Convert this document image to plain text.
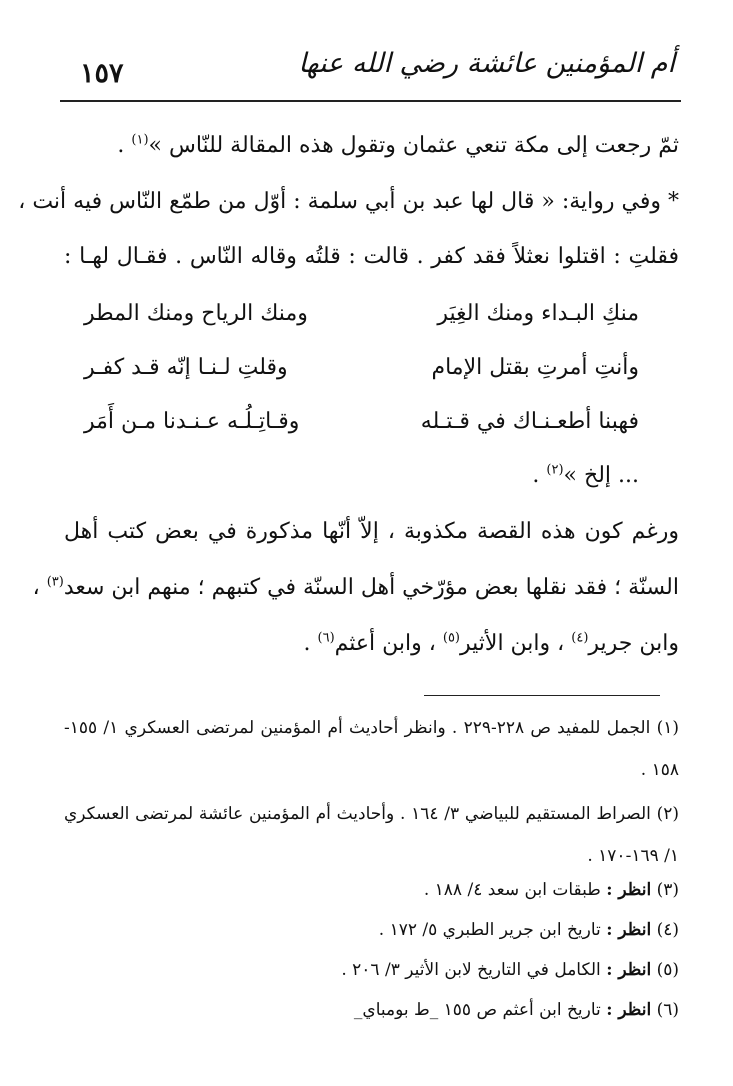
١٥٧	أم المؤمنين عائشة رضي الله عنها
ثمّ رجعت إلى مكة تنعي عثمان وتقول هذه المقالة للنّاس »$^{(١)}$ .
* وفي رواية: « قال لها عبد بن أبي سلمة : أوّل من طمّع النّاس فيه أنت ،
فقلتِ : اقتلوا نعثلاً فقد كفر . قالت : قلتُه وقاله النّاس . فقـال لهـا :
منكِ البـداء ومنك الغِيَر
ومنك الرياح ومنك المطر
وأنتِ أمرتِ بقتل الإمام
وقلتِ لـنـا إنّه قـد كفـر
فهبنا أطعـنـاك في قـتـله
وقـاتِـلُـه عـنـدنا مـن أَمَر
... إلخ »$^{(٢)}$ .
ورغم كون هذه القصة مكذوبة ، إلاّ أنّها مذكورة في بعض كتب أهل
السنّة ؛ فقد نقلها بعض مؤرّخي أهل السنّة في كتبهم ؛ منهم ابن سعد$^{(٣)}$ ،
وابن جرير$^{(٤)}$ ، وابن الأثير$^{(٥)}$ ، وابن أعثم$^{(٦)}$ .
(١) الجمل للمفيد ص ٢٢٨-٢٢٩ . وانظر أحاديث أم المؤمنين لمرتضى العسكري ١/ ١٥٥-
١٥٨ .
(٢) الصراط المستقيم للبياضي ٣/ ١٦٤ . وأحاديث أم المؤمنين عائشة لمرتضى العسكري
١/ ١٦٩-١٧٠ .
(٣) انظر : طبقات ابن سعد ٤/ ١٨٨ .
(٤) انظر : تاريخ ابن جرير الطبري ٥/ ١٧٢ .
(٥) انظر : الكامل في التاريخ لابن الأثير ٣/ ٢٠٦ .
(٦) انظر : تاريخ ابن أعثم ص ١٥٥ _ط بومباي_
